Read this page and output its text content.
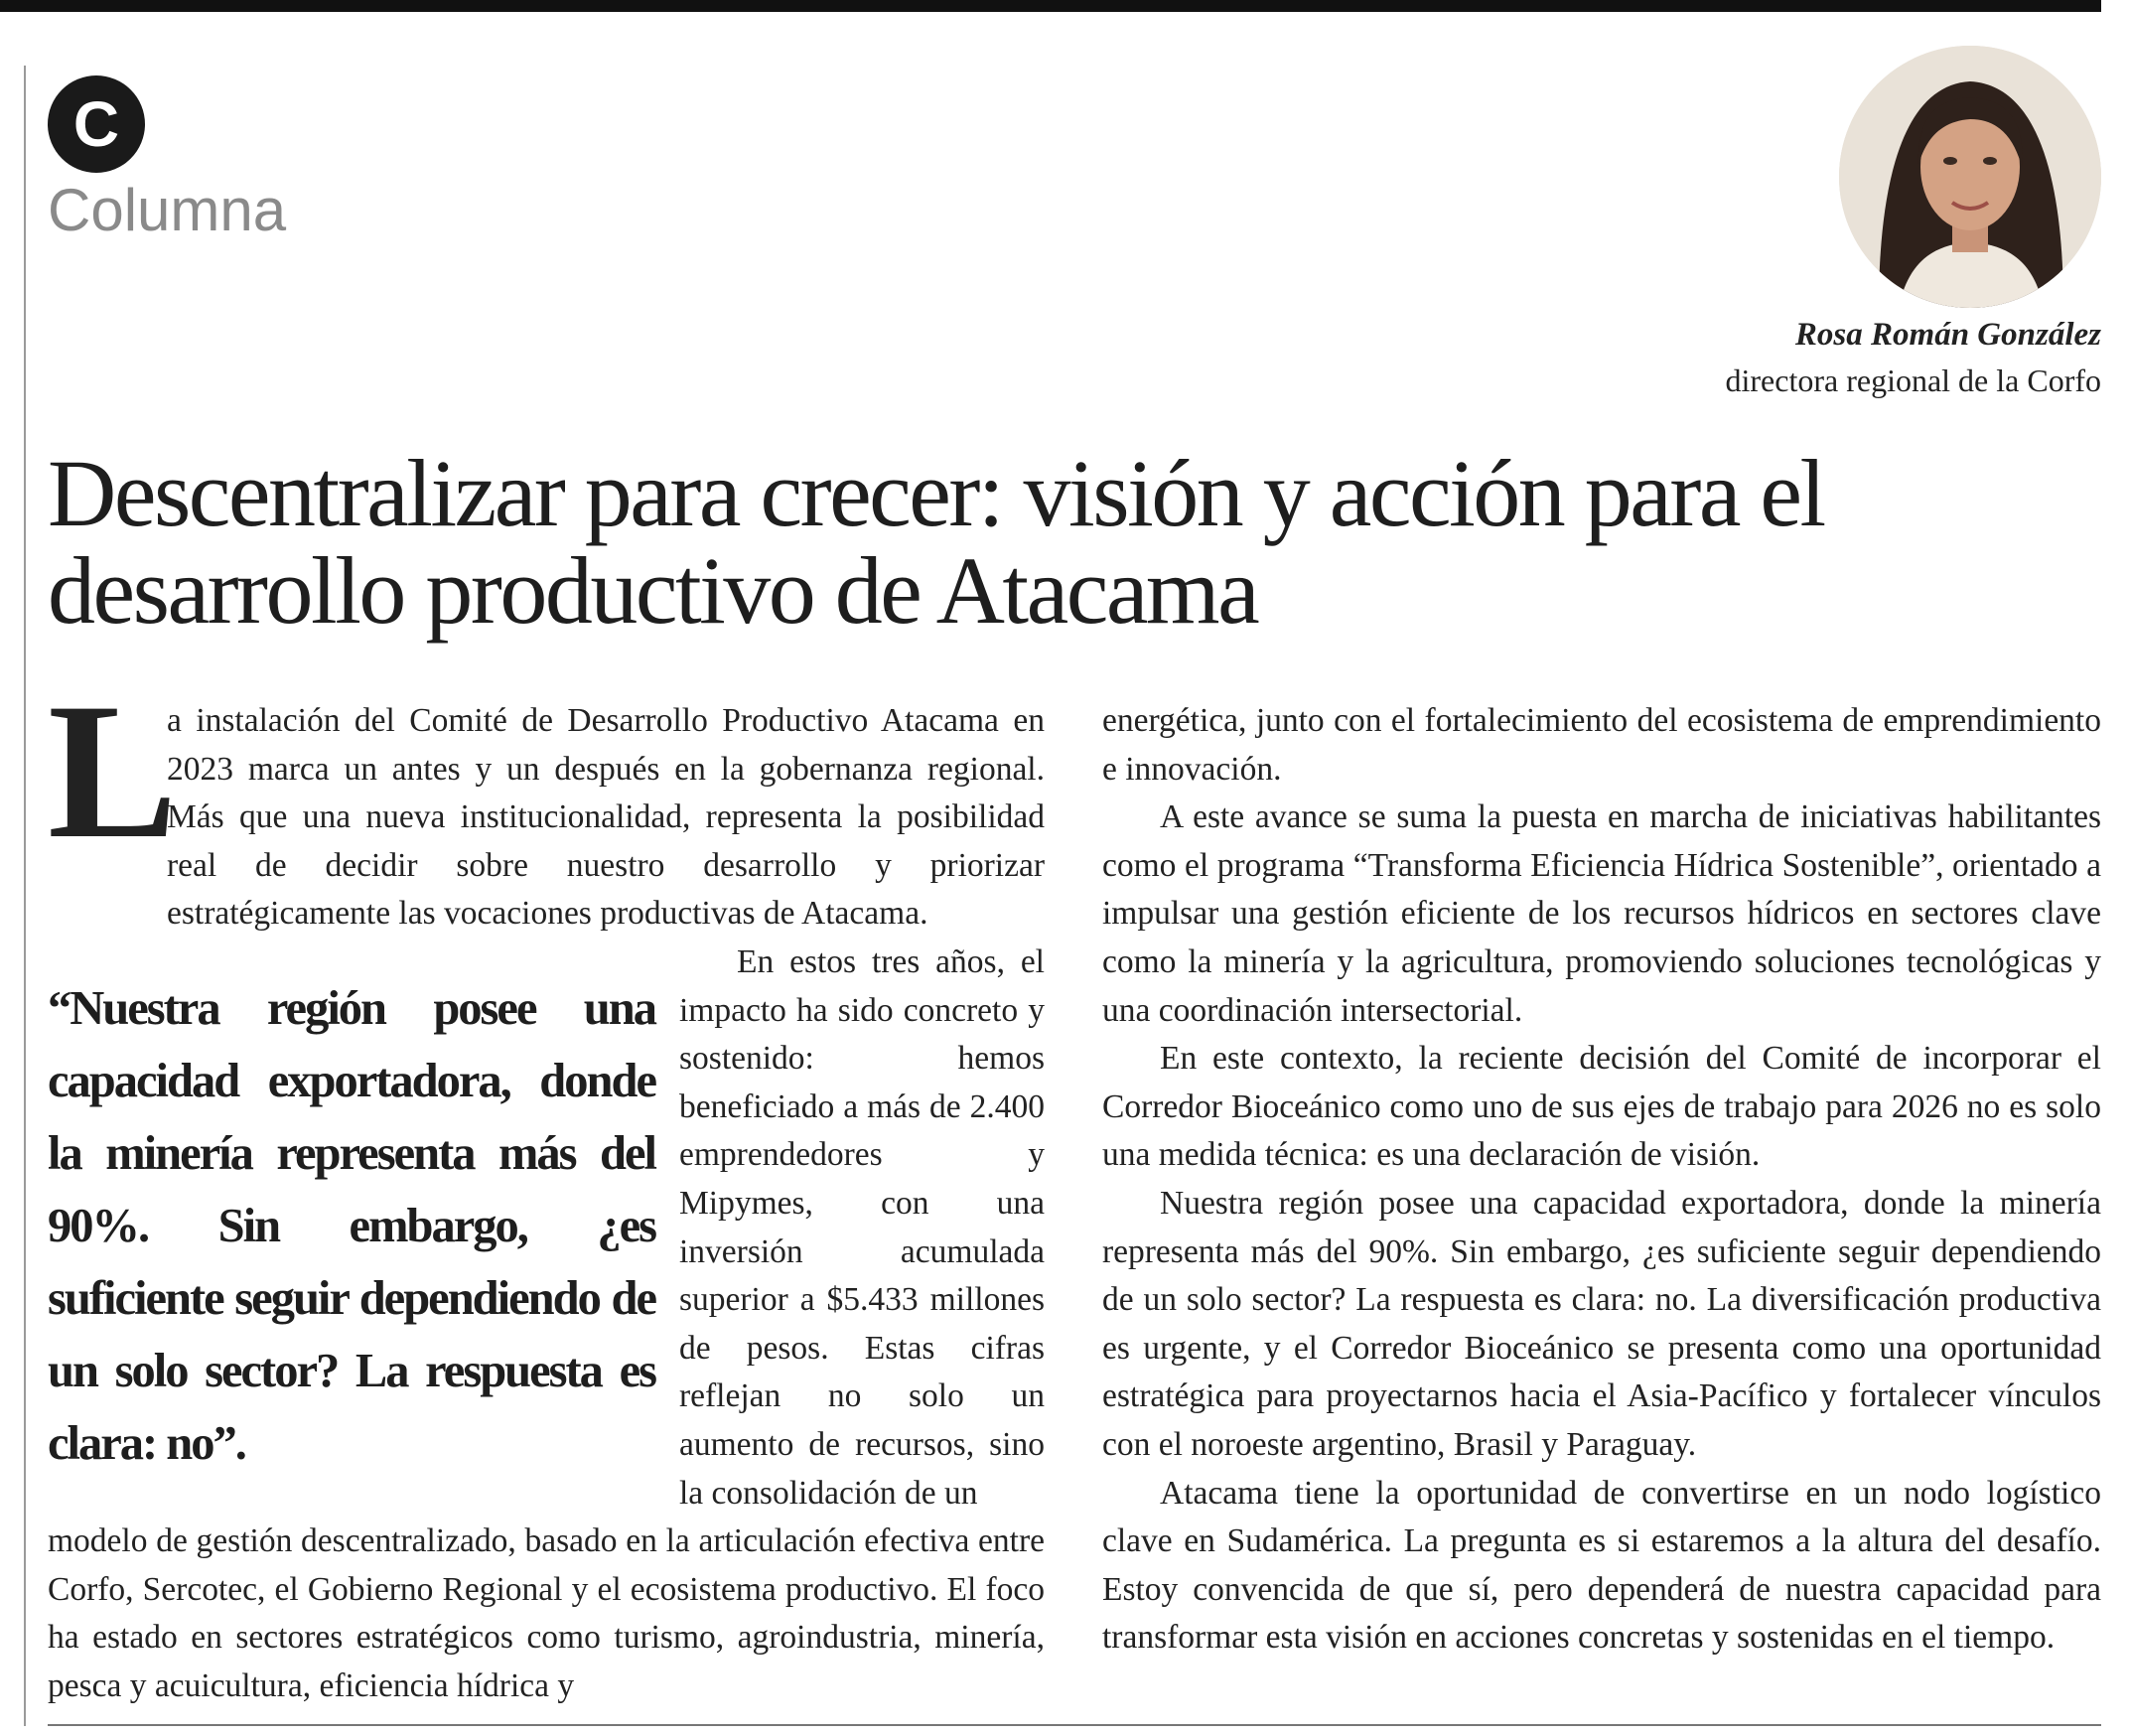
C
Columna
Rosa Román González
directora regional de la Corfo
Descentralizar para crecer: visión y acción para el desarrollo productivo de Atacama
L

a instalación del Comité de Desarrollo Productivo Atacama en 2023 marca un antes y un después en la gobernanza regional. Más que una nueva institucionalidad, representa la posibilidad real de decidir sobre nuestro desarrollo y priorizar estratégicamente las vocaciones productivas de Atacama.

“Nuestra región posee una capacidad exportadora, donde la minería representa más del 90%. Sin embargo, ¿es suficiente seguir dependiendo de un solo sector? La respuesta es clara: no”.

En estos tres años, el impacto ha sido concreto y sostenido: hemos beneficiado a más de 2.400 emprendedores y Mipymes, con una inversión acumulada superior a $5.433 millones de pesos. Estas cifras reflejan no solo un aumento de recursos, sino la consolidación de un

modelo de gestión descentralizado, basado en la articulación efectiva entre Corfo, Sercotec, el Gobierno Regional y el ecosistema productivo. El foco ha estado en sectores estratégicos como turismo, agroindustria, minería, pesca y acuicultura, eficiencia hídrica y

energética, junto con el fortalecimiento del ecosistema de emprendimiento e innovación.

A este avance se suma la puesta en marcha de iniciativas habilitantes como el programa “Transforma Eficiencia Hídrica Sostenible”, orientado a impulsar una gestión eficiente de los recursos hídricos en sectores clave como la minería y la agricultura, promoviendo soluciones tecnológicas y una coordinación intersectorial.

En este contexto, la reciente decisión del Comité de incorporar el Corredor Bioceánico como uno de sus ejes de trabajo para 2026 no es solo una medida técnica: es una declaración de visión.

Nuestra región posee una capacidad exportadora, donde la minería representa más del 90%. Sin embargo, ¿es suficiente seguir dependiendo de un solo sector? La respuesta es clara: no. La diversificación productiva es urgente, y el Corredor Bioceánico se presenta como una oportunidad estratégica para proyectarnos hacia el Asia-Pacífico y fortalecer vínculos con el noroeste argentino, Brasil y Paraguay.

Atacama tiene la oportunidad de convertirse en un nodo logístico clave en Sudamérica. La pregunta es si estaremos a la altura del desafío. Estoy convencida de que sí, pero dependerá de nuestra capacidad para transformar esta visión en acciones concretas y sostenidas en el tiempo.
